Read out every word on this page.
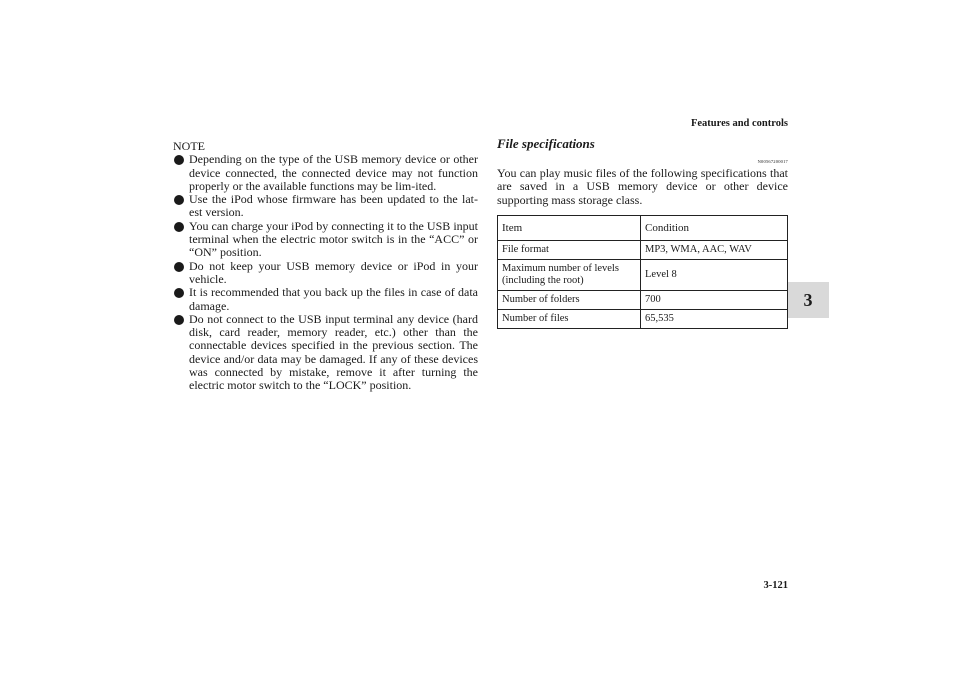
Features and controls
3
NOTE
Depending on the type of the USB memory device or other device connected, the connected device may not function properly or the available functions may be lim-ited.
Use the iPod whose firmware has been updated to the lat-est version.
You can charge your iPod by connecting it to the USB input terminal when the electric motor switch is in the “ACC” or “ON” position.
Do not keep your USB memory device or iPod in your vehicle.
It is recommended that you back up the files in case of data damage.
Do not connect to the USB input terminal any device (hard disk, card reader, memory reader, etc.) other than the connectable devices specified in the previous section. The device and/or data may be damaged. If any of these devices was connected by mistake, remove it after turning the electric motor switch to the “LOCK” position.
File specifications
N00567200017
You can play music files of the following specifications that are saved in a USB memory device or other device supporting mass storage class.
Item	Condition
File format	MP3, WMA, AAC, WAV
Maximum number of levels (including the root)	Level 8
Number of folders	700
Number of files	65,535
3-121
